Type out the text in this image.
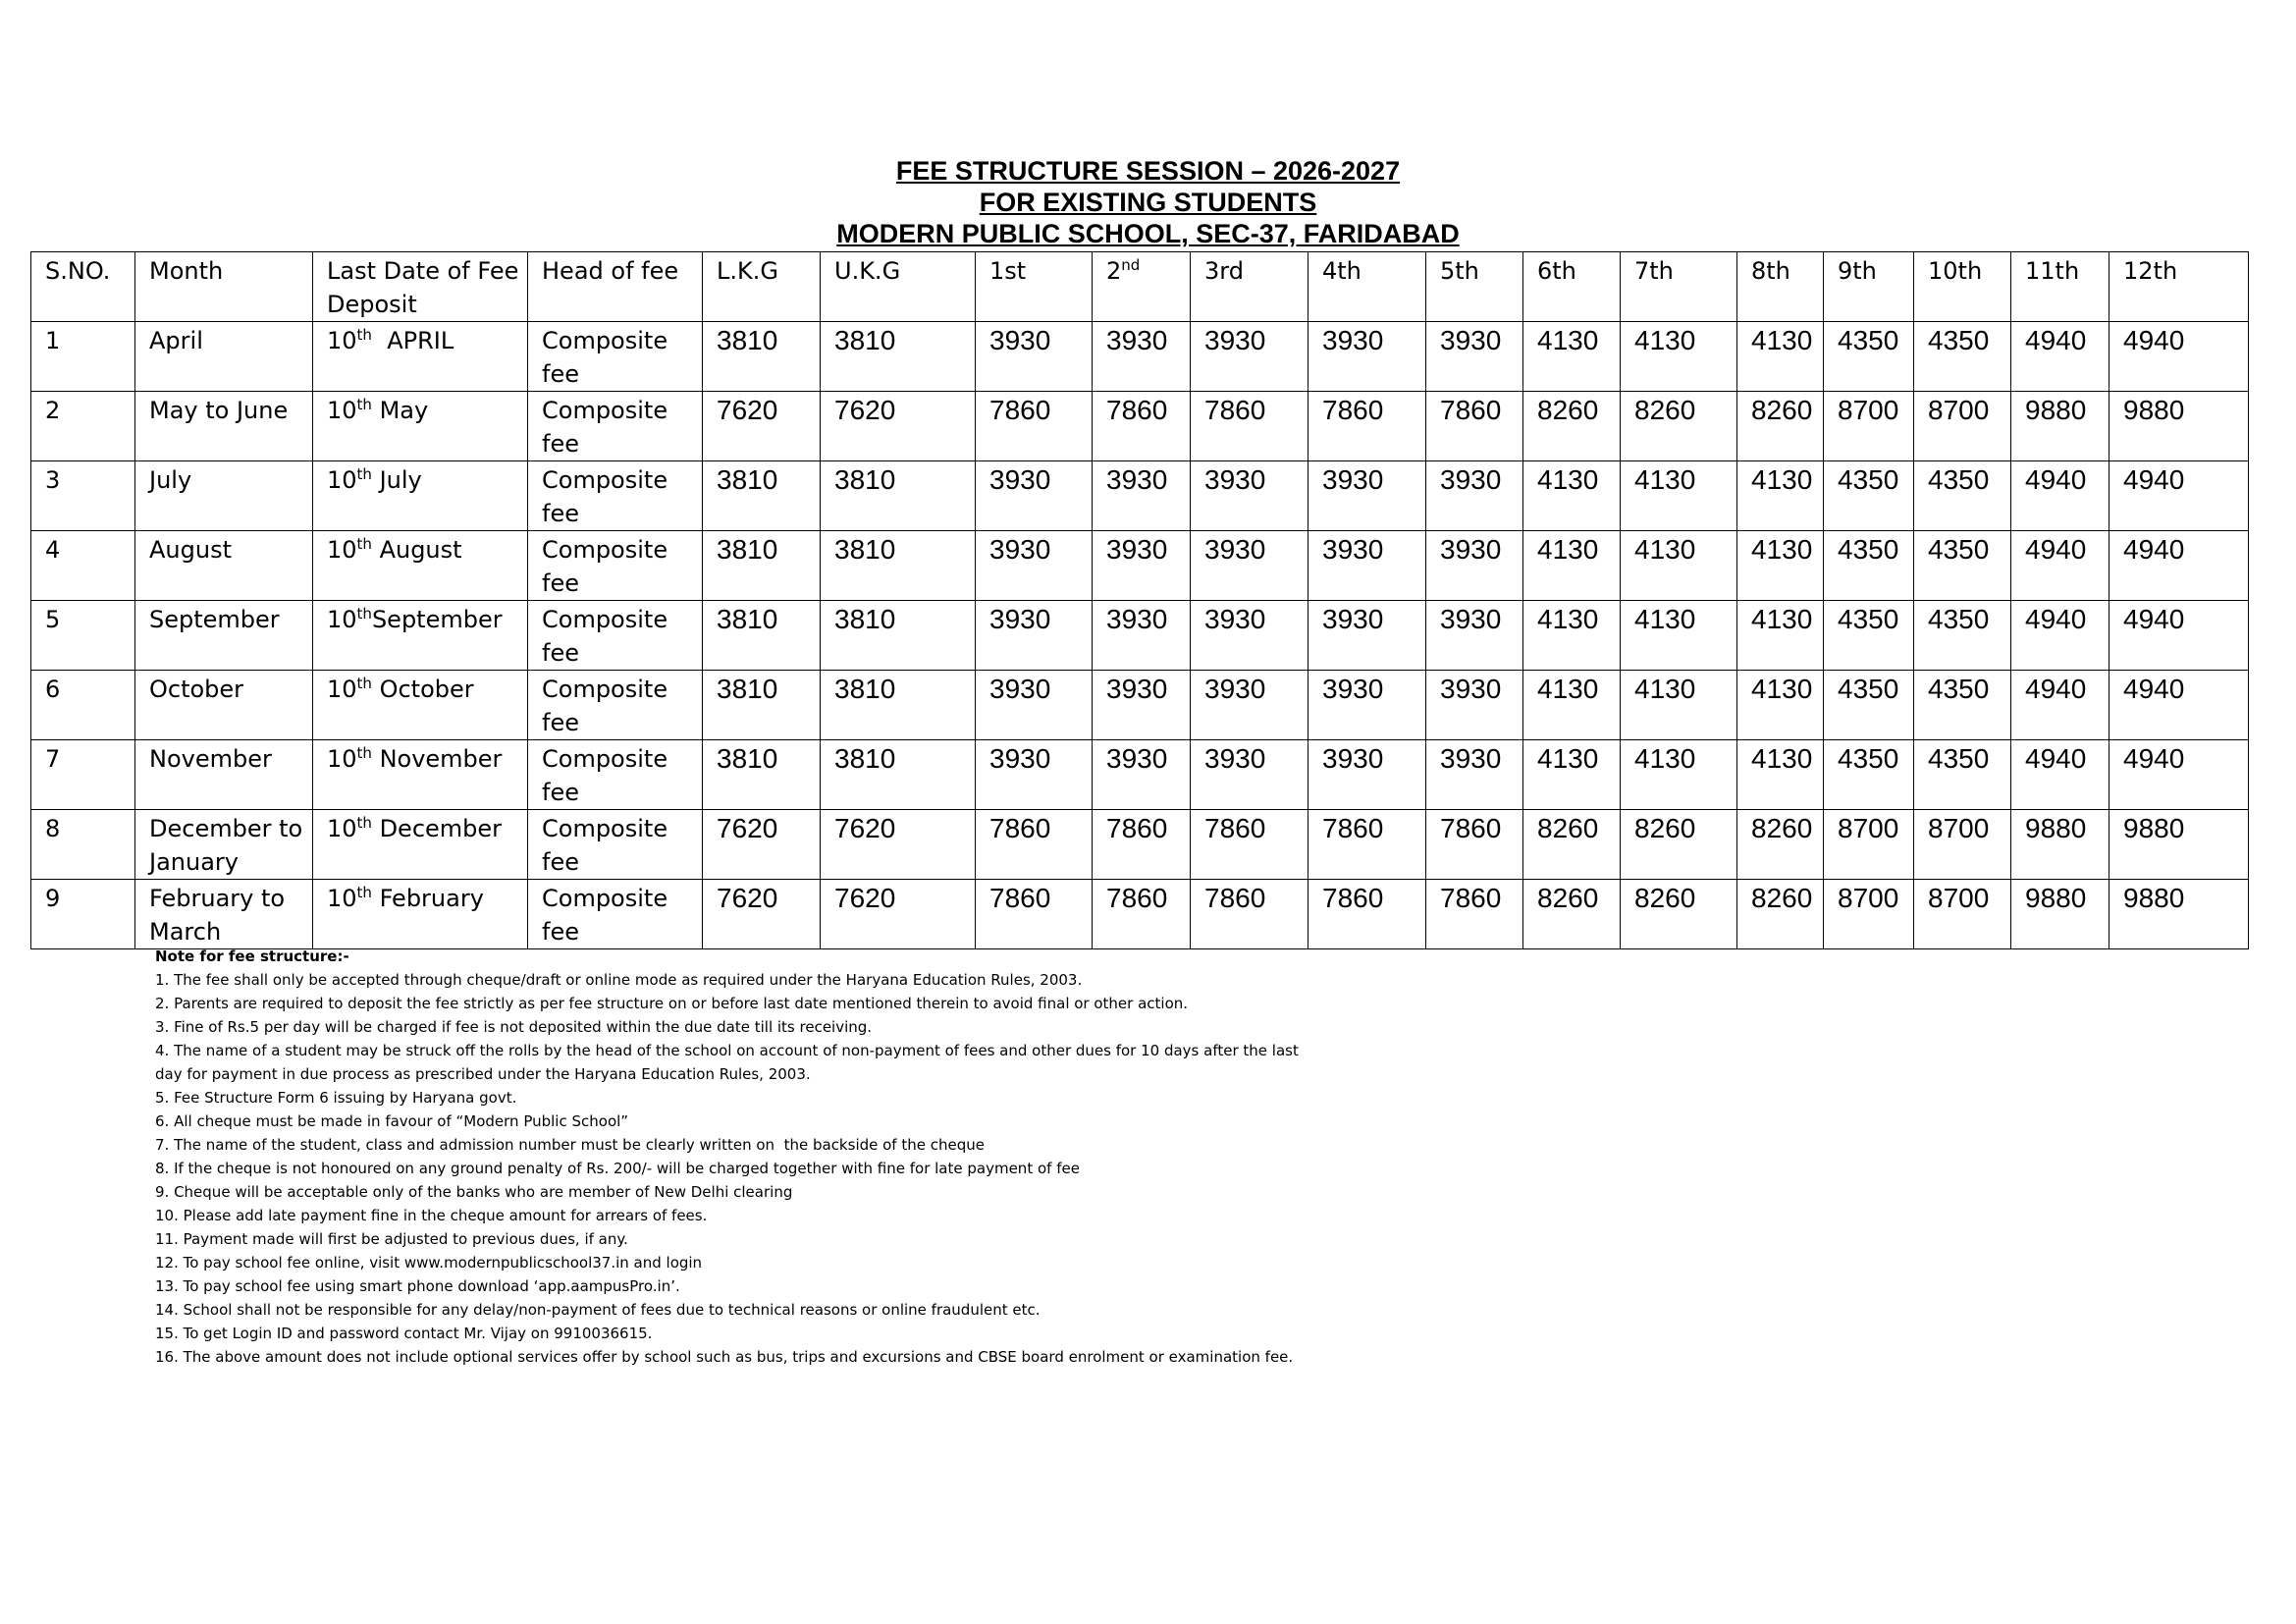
FEE STRUCTURE SESSION – 2026-2027
FOR EXISTING STUDENTS
MODERN PUBLIC SCHOOL, SEC-37, FARIDABAD
S.NO.	Month	Last Date of Fee Deposit	Head of fee	L.K.G	U.K.G	1st	2nd	3rd	4th	5th	6th	7th	8th	9th	10th	11th	12th
1	April	10th  APRIL	Composite fee	3810	3810	3930	3930	3930	3930	3930	4130	4130	4130	4350	4350	4940	4940
2	May to June	10th May	Composite fee	7620	7620	7860	7860	7860	7860	7860	8260	8260	8260	8700	8700	9880	9880
3	July	10th July	Composite fee	3810	3810	3930	3930	3930	3930	3930	4130	4130	4130	4350	4350	4940	4940
4	August	10th August	Composite fee	3810	3810	3930	3930	3930	3930	3930	4130	4130	4130	4350	4350	4940	4940
5	September	10thSeptember	Composite fee	3810	3810	3930	3930	3930	3930	3930	4130	4130	4130	4350	4350	4940	4940
6	October	10th October	Composite fee	3810	3810	3930	3930	3930	3930	3930	4130	4130	4130	4350	4350	4940	4940
7	November	10th November	Composite fee	3810	3810	3930	3930	3930	3930	3930	4130	4130	4130	4350	4350	4940	4940
8	December to January	10th December	Composite fee	7620	7620	7860	7860	7860	7860	7860	8260	8260	8260	8700	8700	9880	9880
9	February to March	10th February	Composite fee	7620	7620	7860	7860	7860	7860	7860	8260	8260	8260	8700	8700	9880	9880
Note for fee structure:-
1. The fee shall only be accepted through cheque/draft or online mode as required under the Haryana Education Rules, 2003.
2. Parents are required to deposit the fee strictly as per fee structure on or before last date mentioned therein to avoid final or other action.
3. Fine of Rs.5 per day will be charged if fee is not deposited within the due date till its receiving.
4. The name of a student may be struck off the rolls by the head of the school on account of non-payment of fees and other dues for 10 days after the last
day for payment in due process as prescribed under the Haryana Education Rules, 2003.
5. Fee Structure Form 6 issuing by Haryana govt.
6. All cheque must be made in favour of “Modern Public School”
7. The name of the student, class and admission number must be clearly written on  the backside of the cheque
8. If the cheque is not honoured on any ground penalty of Rs. 200/- will be charged together with fine for late payment of fee
9. Cheque will be acceptable only of the banks who are member of New Delhi clearing
10. Please add late payment fine in the cheque amount for arrears of fees.
11. Payment made will first be adjusted to previous dues, if any.
12. To pay school fee online, visit www.modernpublicschool37.in and login
13. To pay school fee using smart phone download ‘app.aampusPro.in’.
14. School shall not be responsible for any delay/non-payment of fees due to technical reasons or online fraudulent etc.
15. To get Login ID and password contact Mr. Vijay on 9910036615.
16. The above amount does not include optional services offer by school such as bus, trips and excursions and CBSE board enrolment or examination fee.
